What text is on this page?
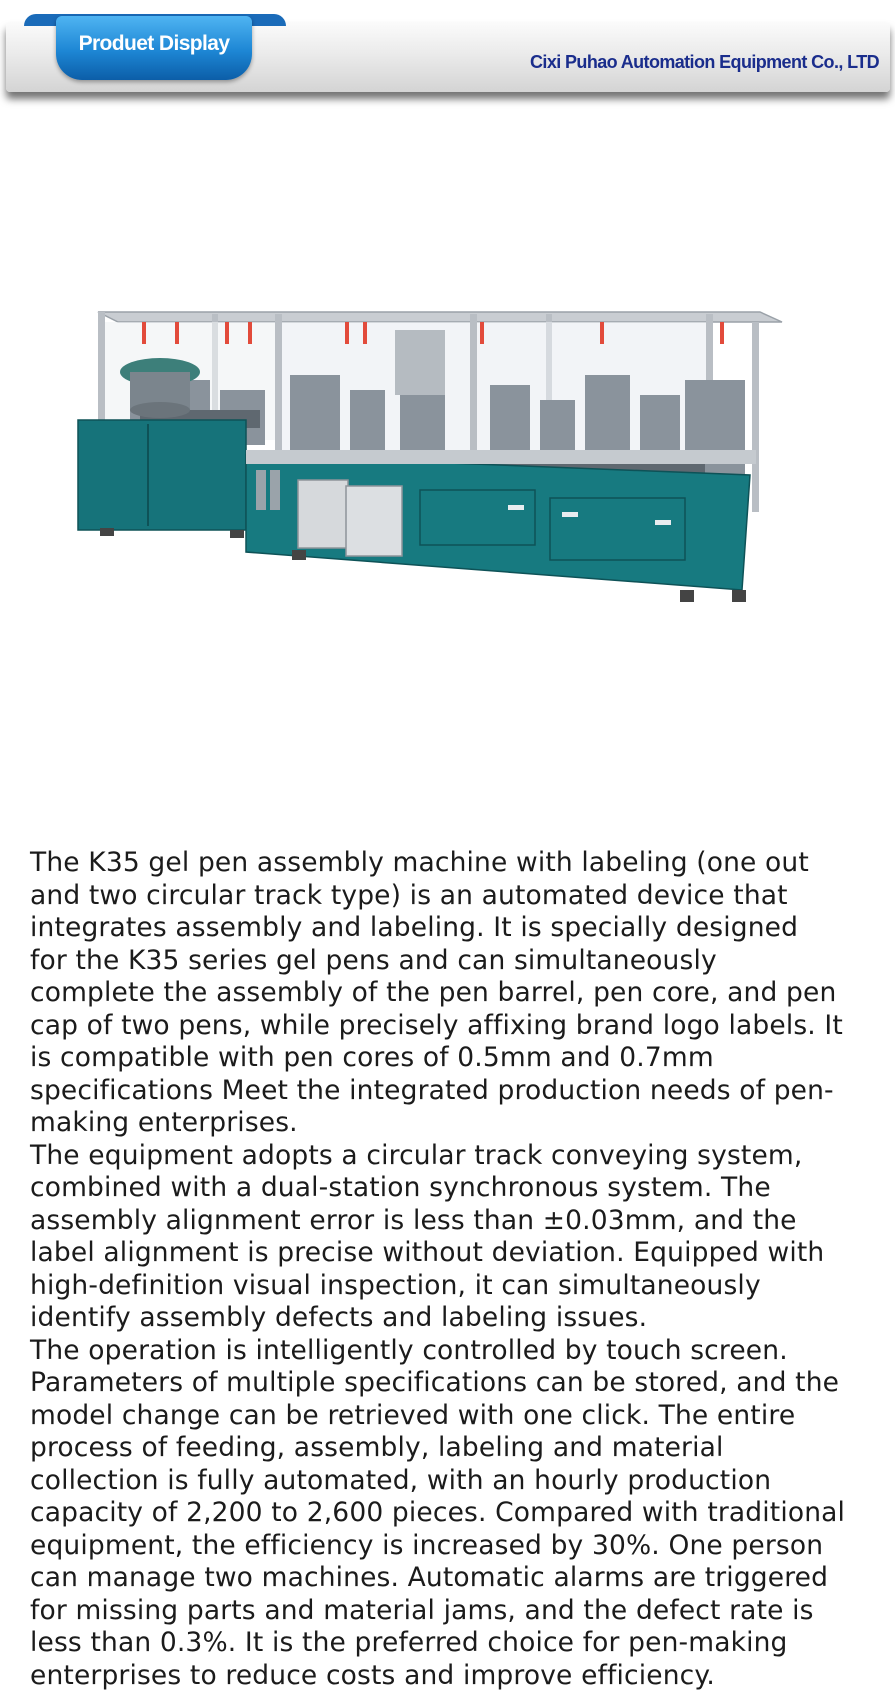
Produet Display
Cixi Puhao Automation Equipment Co., LTD

The K35 gel pen assembly machine with labeling (one out

and two circular track type) is an automated device that

integrates assembly and labeling. It is specially designed

for the K35 series gel pens and can simultaneously

complete the assembly of the pen barrel, pen core, and pen

cap of two pens, while precisely affixing brand logo labels. It

is compatible with pen cores of 0.5mm and 0.7mm

specifications Meet the integrated production needs of pen-

making enterprises.

The equipment adopts a circular track conveying system,

combined with a dual-station synchronous system. The

assembly alignment error is less than ±0.03mm, and the

label alignment is precise without deviation. Equipped with

high-definition visual inspection, it can simultaneously

identify assembly defects and labeling issues.

The operation is intelligently controlled by touch screen.

Parameters of multiple specifications can be stored, and the

model change can be retrieved with one click. The entire

process of feeding, assembly, labeling and material

collection is fully automated, with an hourly production

capacity of 2,200 to 2,600 pieces. Compared with traditional

equipment, the efficiency is increased by 30%. One person

can manage two machines. Automatic alarms are triggered

for missing parts and material jams, and the defect rate is

less than 0.3%. It is the preferred choice for pen-making

enterprises to reduce costs and improve efficiency.
